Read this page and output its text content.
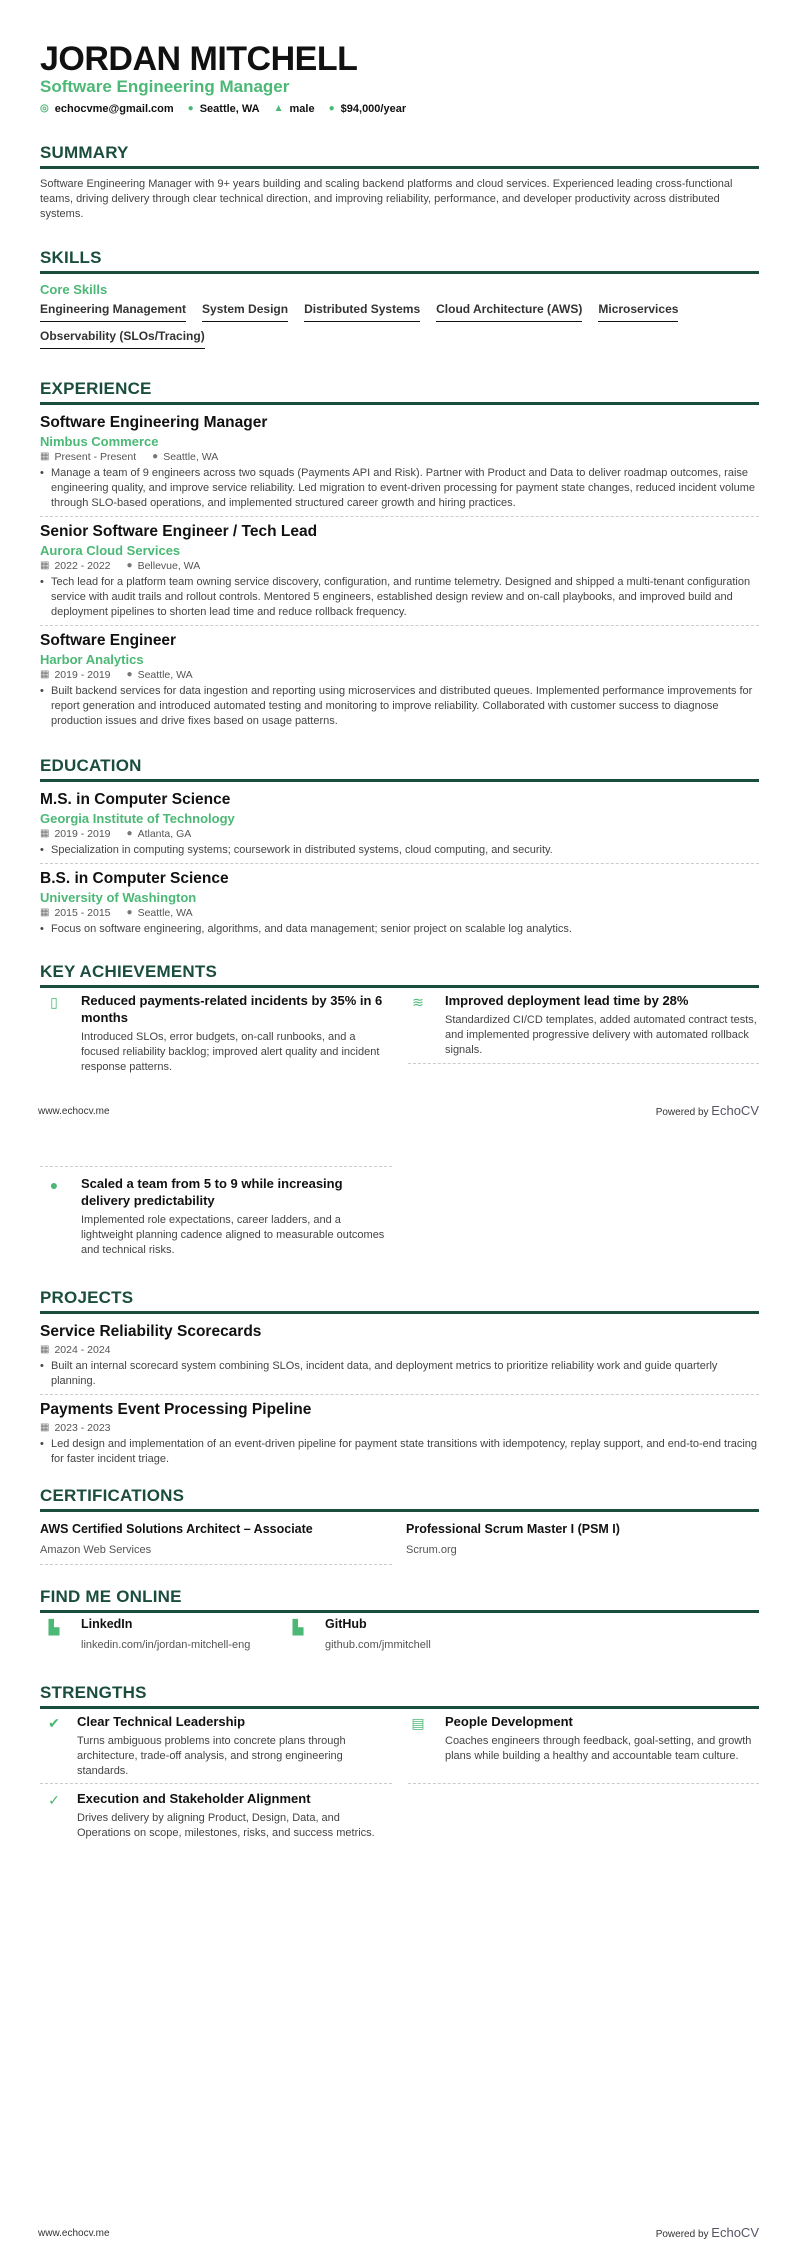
JORDAN MITCHELL
Software Engineering Manager
◎ echocvme@gmail.com ● Seattle, WA ▲ male ● $94,000/year
SUMMARY
Software Engineering Manager with 9+ years building and scaling backend platforms and cloud services. Experienced leading cross-functional teams, driving delivery through clear technical direction, and improving reliability, performance, and developer productivity across distributed systems.
SKILLS
Core Skills
Engineering Management System Design Distributed Systems Cloud Architecture (AWS) Microservices
Observability (SLOs/Tracing)
EXPERIENCE
Software Engineering Manager
Nimbus Commerce
▦ Present - Present ● Seattle, WA
• Manage a team of 9 engineers across two squads (Payments API and Risk). Partner with Product and Data to deliver roadmap outcomes, raise engineering quality, and improve service reliability. Led migration to event-driven processing for payment state changes, reduced incident volume through SLO-based operations, and implemented structured career growth and hiring practices.
Senior Software Engineer / Tech Lead
Aurora Cloud Services
▦ 2022 - 2022 ● Bellevue, WA
• Tech lead for a platform team owning service discovery, configuration, and runtime telemetry. Designed and shipped a multi-tenant configuration service with audit trails and rollout controls. Mentored 5 engineers, established design review and on-call playbooks, and improved build and deployment pipelines to shorten lead time and reduce rollback frequency.
Software Engineer
Harbor Analytics
▦ 2019 - 2019 ● Seattle, WA
• Built backend services for data ingestion and reporting using microservices and distributed queues. Implemented performance improvements for report generation and introduced automated testing and monitoring to improve reliability. Collaborated with customer success to diagnose production issues and drive fixes based on usage patterns.
EDUCATION
M.S. in Computer Science
Georgia Institute of Technology
▦ 2019 - 2019 ● Atlanta, GA
• Specialization in computing systems; coursework in distributed systems, cloud computing, and security.
B.S. in Computer Science
University of Washington
▦ 2015 - 2015 ● Seattle, WA
• Focus on software engineering, algorithms, and data management; senior project on scalable log analytics.
KEY ACHIEVEMENTS
▯	Reduced payments-related incidents by 35% in 6 months
Introduced SLOs, error budgets, on-call runbooks, and a focused reliability backlog; improved alert quality and incident response patterns.
≋	Improved deployment lead time by 28%
Standardized CI/CD templates, added automated contract tests, and implemented progressive delivery with automated rollback signals.
www.echocv.me	Powered by EchoCV
●	Scaled a team from 5 to 9 while increasing delivery predictability
Implemented role expectations, career ladders, and a lightweight planning cadence aligned to measurable outcomes and technical risks.
PROJECTS
Service Reliability Scorecards
▦ 2024 - 2024
• Built an internal scorecard system combining SLOs, incident data, and deployment metrics to prioritize reliability work and guide quarterly planning.
Payments Event Processing Pipeline
▦ 2023 - 2023
• Led design and implementation of an event-driven pipeline for payment state transitions with idempotency, replay support, and end-to-end tracing for faster incident triage.
CERTIFICATIONS
AWS Certified Solutions Architect – Associate
Amazon Web Services
Professional Scrum Master I (PSM I)
Scrum.org
FIND ME ONLINE
▙	LinkedIn
linkedin.com/in/jordan-mitchell-eng
▙	GitHub
github.com/jmmitchell
STRENGTHS
✔	Clear Technical Leadership
Turns ambiguous problems into concrete plans through architecture, trade-off analysis, and strong engineering standards.
▤ People Development
Coaches engineers through feedback, goal-setting, and growth plans while building a healthy and accountable team culture.
✓	Execution and Stakeholder Alignment
Drives delivery by aligning Product, Design, Data, and Operations on scope, milestones, risks, and success metrics.
www.echocv.me	Powered by EchoCV
